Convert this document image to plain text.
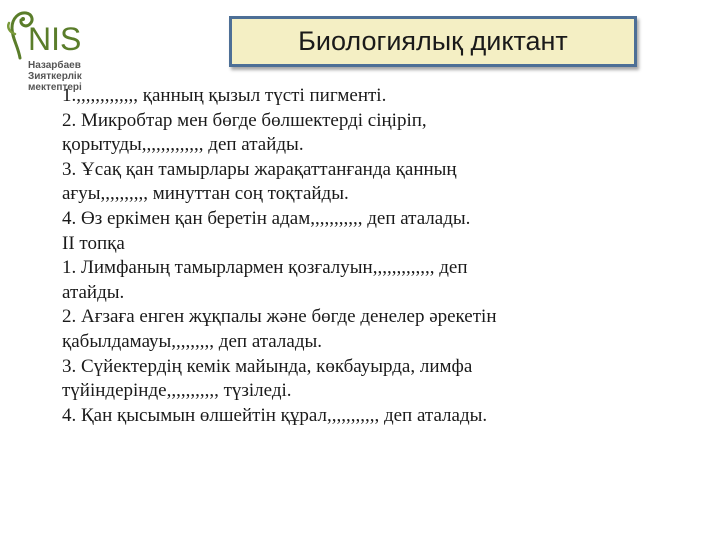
NIS
Назарбаев
Зияткерлік
мектептері
Биологиялық диктант
1.,,,,,,,,,,,,, қанның қызыл түсті пигменті.
2. Микробтар мен бөгде бөлшектерді сіңіріп,
қорытуды,,,,,,,,,,,,, деп атайды.
3. Ұсақ қан тамырлары жарақаттанғанда қанның
ағуы,,,,,,,,,, минуттан соң тоқтайды.
4. Өз еркімен қан беретін адам,,,,,,,,,,, деп аталады.
II топқа
1. Лимфаның тамырлармен қозғалуын,,,,,,,,,,,,, деп
атайды.
2. Ағзаға енген жұқпалы және бөгде денелер әрекетін
қабылдамауы,,,,,,,,, деп аталады.
3. Сүйектердің кемік майында, көкбауырда, лимфа
түйіндерінде,,,,,,,,,,, түзіледі.
4. Қан қысымын өлшейтін құрал,,,,,,,,,,, деп аталады.
